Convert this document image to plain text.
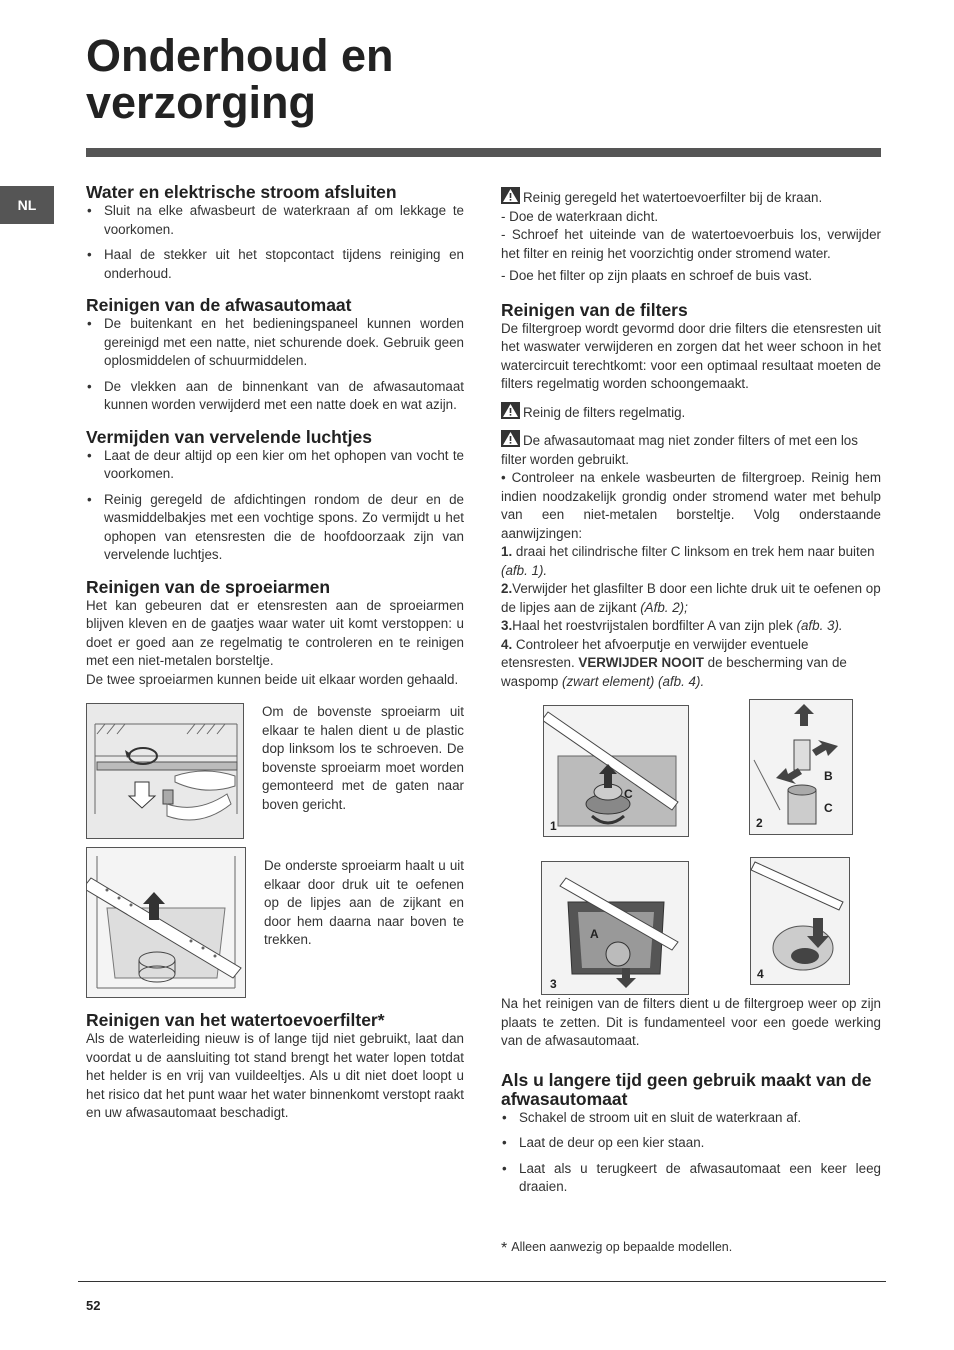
Onderhoud en verzorging
NL
Water en elektrische stroom afsluiten
• Sluit na elke afwasbeurt de waterkraan af om lekkage te voorkomen.
• Haal de stekker uit het stopcontact tijdens reiniging en onderhoud.
Reinigen van de afwasautomaat
• De buitenkant en het bedieningspaneel kunnen worden gereinigd met een natte, niet schurende doek. Gebruik geen oplosmiddelen of schuurmiddelen.
• De vlekken aan de binnenkant van de afwasautomaat kunnen worden verwijderd met een natte doek en wat azijn.
Vermijden van vervelende luchtjes
• Laat de deur altijd op een kier om het ophopen van vocht te voorkomen.
• Reinig geregeld de afdichtingen rondom de deur en de wasmiddelbakjes met een vochtige spons. Zo vermijdt u het ophopen van etensresten die de hoofdoorzaak zijn van vervelende luchtjes.
Reinigen van de sproeiarmen

Het kan gebeuren dat er etensresten aan de sproeiarmen blijven kleven en de gaatjes waar water uit komt verstoppen: u doet er goed aan ze regelmatig te controleren en te reinigen met een niet-metalen borsteltje.

De twee sproeiarmen kunnen beide uit elkaar worden gehaald.

Om de bovenste sproeiarm uit elkaar te halen dient u de plastic dop linksom los te schroeven. De bovenste sproeiarm moet worden gemonteerd met de gaten naar boven gericht.
De onderste sproeiarm haalt u uit elkaar door druk uit te oefenen op de lipjes aan de zijkant en door hem daarna naar boven te trekken.
Reinigen van het watertoevoerfilter*

Als de waterleiding nieuw is of lange tijd niet gebruikt, laat dan voordat u de aansluiting tot stand brengt het water lopen totdat het helder is en vrij van vuildeeltjes. Als u dit niet doet loopt u het risico dat het punt waar het water binnenkomt verstopt raakt en uw afwasautomaat beschadigt.

Reinig geregeld het watertoevoerfilter bij de kraan.

- Doe de waterkraan dicht.

- Schroef het uiteinde van de watertoevoerbuis los, verwijder het filter en reinig het voorzichtig onder stromend water.

- Doe het filter op zijn plaats en schroef de buis vast.

Reinigen van de filters

De filtergroep wordt gevormd door drie filters die etensresten uit het waswater verwijderen en zorgen dat het weer schoon in het watercircuit terechtkomt: voor een optimaal resultaat moeten de filters regelmatig worden schoongemaakt.

Reinig de filters regelmatig.

De afwasautomaat mag niet zonder filters of met een los filter worden gebruikt.

• Controleer na enkele wasbeurten de filtergroep. Reinig hem indien noodzakelijk grondig onder stromend water met behulp van een niet-metalen borsteltje. Volg onderstaande aanwijzingen:

1. draai het cilindrische filter C linksom en trek hem naar buiten (afb. 1).

2.Verwijder het glasfilter B door een lichte druk uit te oefenen op de lipjes aan de zijkant (Afb. 2);

3.Haal het roestvrijstalen bordfilter A van zijn plek (afb. 3).

4. Controleer het afvoerputje en verwijder eventuele etensresten. VERWIJDER NOOIT de bescherming van de waspomp (zwart element) (afb. 4).

C
1
B
C
2
A
3
4

Na het reinigen van de filters dient u de filtergroep weer op zijn plaats te zetten. Dit is fundamenteel voor een goede werking van de afwasautomaat.

Als u langere tijd geen gebruik maakt van de afwasautomaat
• Schakel de stroom uit en sluit de waterkraan af.
• Laat de deur op een kier staan.
• Laat als u terugkeert de afwasautomaat een keer leeg draaien.
* Alleen aanwezig op bepaalde modellen.
52
